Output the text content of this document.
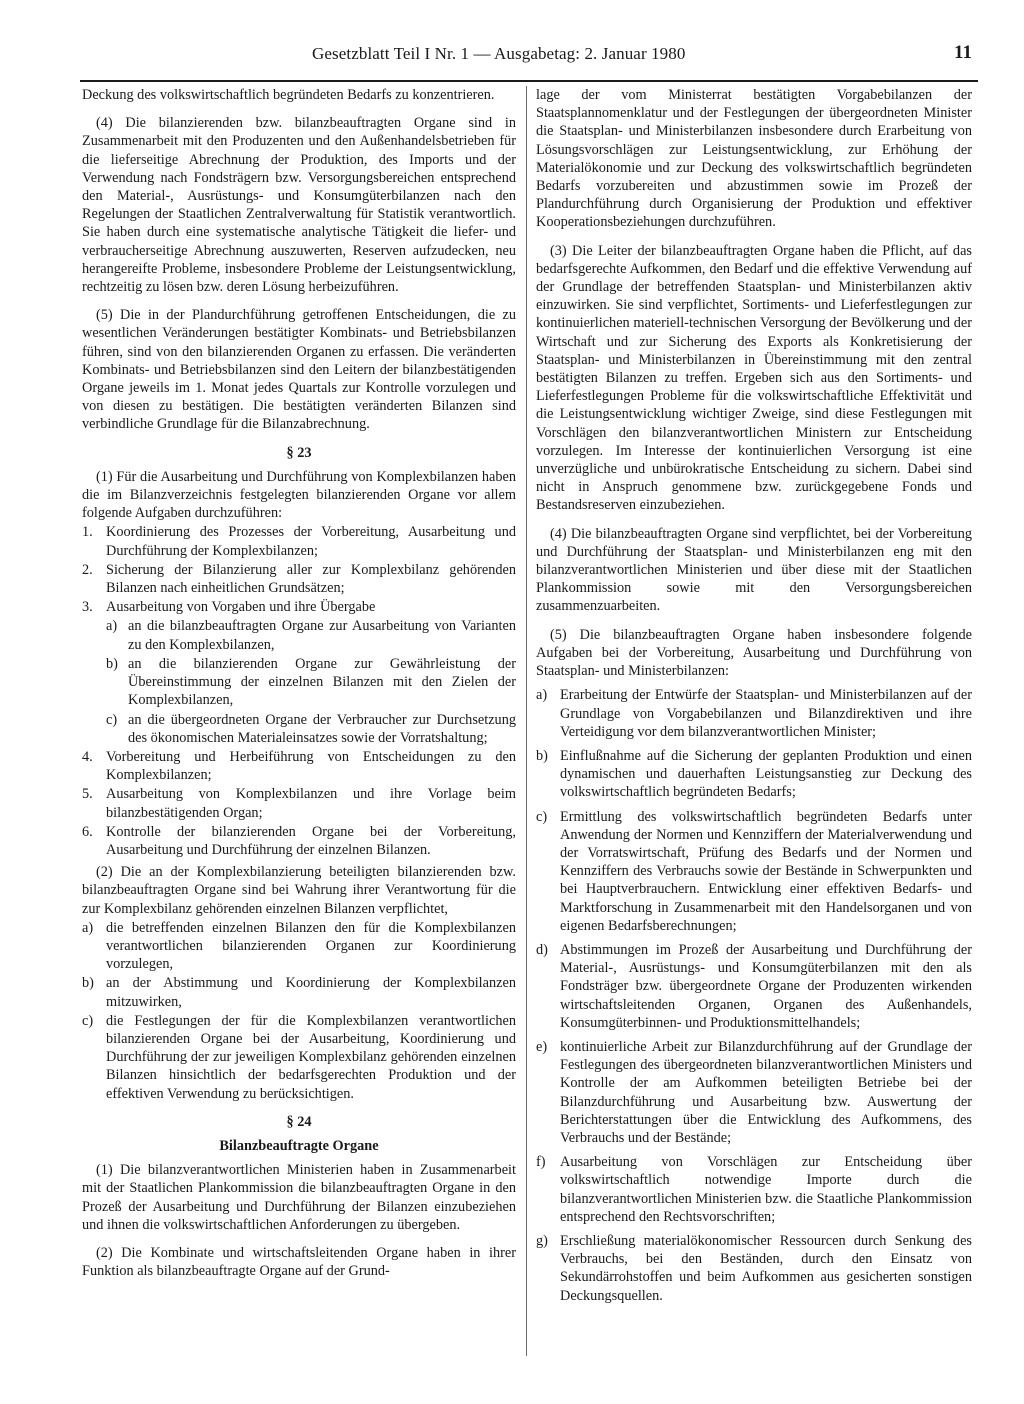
Gesetzblatt Teil I Nr. 1 — Ausgabetag: 2. Januar 1980	11

Deckung des volkswirtschaftlich begründeten Bedarfs zu konzentrieren.

(4) Die bilanzierenden bzw. bilanzbeauftragten Organe sind in Zusammenarbeit mit den Produzenten und den Außenhandelsbetrieben für die lieferseitige Abrechnung der Produktion, des Imports und der Verwendung nach Fondsträgern bzw. Versorgungsbereichen entsprechend den Material-, Ausrüstungs- und Konsumgüterbilanzen nach den Regelungen der Staatlichen Zentralverwaltung für Statistik verantwortlich. Sie haben durch eine systematische analytische Tätigkeit die liefer- und verbraucherseitige Abrechnung auszuwerten, Reserven aufzudecken, neu herangereifte Probleme, insbesondere Probleme der Leistungsentwicklung, rechtzeitig zu lösen bzw. deren Lösung herbeizuführen.

(5) Die in der Plandurchführung getroffenen Entscheidungen, die zu wesentlichen Veränderungen bestätigter Kombinats- und Betriebsbilanzen führen, sind von den bilanzierenden Organen zu erfassen. Die veränderten Kombinats- und Betriebsbilanzen sind den Leitern der bilanzbestätigenden Organe jeweils im 1. Monat jedes Quartals zur Kontrolle vorzulegen und von diesen zu bestätigen. Die bestätigten veränderten Bilanzen sind verbindliche Grundlage für die Bilanzabrechnung.

§ 23

(1) Für die Ausarbeitung und Durchführung von Komplexbilanzen haben die im Bilanzverzeichnis festgelegten bilanzierenden Organe vor allem folgende Aufgaben durchzuführen:

1. Koordinierung des Prozesses der Vorbereitung, Ausarbeitung und Durchführung der Komplexbilanzen;
2. Sicherung der Bilanzierung aller zur Komplexbilanz gehörenden Bilanzen nach einheitlichen Grundsätzen;
3. Ausarbeitung von Vorgaben und ihre Übergabe
a) an die bilanzbeauftragten Organe zur Ausarbeitung von Varianten zu den Komplexbilanzen,
b) an die bilanzierenden Organe zur Gewährleistung der Übereinstimmung der einzelnen Bilanzen mit den Zielen der Komplexbilanzen,
c) an die übergeordneten Organe der Verbraucher zur Durchsetzung des ökonomischen Materialeinsatzes sowie der Vorratshaltung;
4. Vorbereitung und Herbeiführung von Entscheidungen zu den Komplexbilanzen;
5. Ausarbeitung von Komplexbilanzen und ihre Vorlage beim bilanzbestätigenden Organ;
6. Kontrolle der bilanzierenden Organe bei der Vorbereitung, Ausarbeitung und Durchführung der einzelnen Bilanzen.

(2) Die an der Komplexbilanzierung beteiligten bilanzierenden bzw. bilanzbeauftragten Organe sind bei Wahrung ihrer Verantwortung für die zur Komplexbilanz gehörenden einzelnen Bilanzen verpflichtet,

a) die betreffenden einzelnen Bilanzen den für die Komplexbilanzen verantwortlichen bilanzierenden Organen zur Koordinierung vorzulegen,
b) an der Abstimmung und Koordinierung der Komplexbilanzen mitzuwirken,
c) die Festlegungen der für die Komplexbilanzen verantwortlichen bilanzierenden Organe bei der Ausarbeitung, Koordinierung und Durchführung der zur jeweiligen Komplexbilanz gehörenden einzelnen Bilanzen hinsichtlich der bedarfsgerechten Produktion und der effektiven Verwendung zu berücksichtigen.
§ 24
Bilanzbeauftragte Organe

(1) Die bilanzverantwortlichen Ministerien haben in Zusammenarbeit mit der Staatlichen Plankommission die bilanzbeauftragten Organe in den Prozeß der Ausarbeitung und Durchführung der Bilanzen einzubeziehen und ihnen die volkswirtschaftlichen Anforderungen zu übergeben.

(2) Die Kombinate und wirtschaftsleitenden Organe haben in ihrer Funktion als bilanzbeauftragte Organe auf der Grund-

lage der vom Ministerrat bestätigten Vorgabebilanzen der Staatsplannomenklatur und der Festlegungen der übergeordneten Minister die Staatsplan- und Ministerbilanzen insbesondere durch Erarbeitung von Lösungsvorschlägen zur Leistungsentwicklung, zur Erhöhung der Materialökonomie und zur Deckung des volkswirtschaftlich begründeten Bedarfs vorzubereiten und abzustimmen sowie im Prozeß der Plandurchführung durch Organisierung der Produktion und effektiver Kooperationsbeziehungen durchzuführen.

(3) Die Leiter der bilanzbeauftragten Organe haben die Pflicht, auf das bedarfsgerechte Aufkommen, den Bedarf und die effektive Verwendung auf der Grundlage der betreffenden Staatsplan- und Ministerbilanzen aktiv einzuwirken. Sie sind verpflichtet, Sortiments- und Lieferfestlegungen zur kontinuierlichen materiell-technischen Versorgung der Bevölkerung und der Wirtschaft und zur Sicherung des Exports als Konkretisierung der Staatsplan- und Ministerbilanzen in Übereinstimmung mit den zentral bestätigten Bilanzen zu treffen. Ergeben sich aus den Sortiments- und Lieferfestlegungen Probleme für die volkswirtschaftliche Effektivität und die Leistungsentwicklung wichtiger Zweige, sind diese Festlegungen mit Vorschlägen den bilanzverantwortlichen Ministern zur Entscheidung vorzulegen. Im Interesse der kontinuierlichen Versorgung ist eine unverzügliche und unbürokratische Entscheidung zu sichern. Dabei sind nicht in Anspruch genommene bzw. zurückgegebene Fonds und Bestandsreserven einzubeziehen.

(4) Die bilanzbeauftragten Organe sind verpflichtet, bei der Vorbereitung und Durchführung der Staatsplan- und Ministerbilanzen eng mit den bilanzverantwortlichen Ministerien und über diese mit der Staatlichen Plankommission sowie mit den Versorgungsbereichen zusammenzuarbeiten.

(5) Die bilanzbeauftragten Organe haben insbesondere folgende Aufgaben bei der Vorbereitung, Ausarbeitung und Durchführung von Staatsplan- und Ministerbilanzen:

a) Erarbeitung der Entwürfe der Staatsplan- und Ministerbilanzen auf der Grundlage von Vorgabebilanzen und Bilanzdirektiven und ihre Verteidigung vor dem bilanzverantwortlichen Minister;
b) Einflußnahme auf die Sicherung der geplanten Produktion und einen dynamischen und dauerhaften Leistungsanstieg zur Deckung des volkswirtschaftlich begründeten Bedarfs;
c) Ermittlung des volkswirtschaftlich begründeten Bedarfs unter Anwendung der Normen und Kennziffern der Materialverwendung und der Vorratswirtschaft, Prüfung des Bedarfs und der Normen und Kennziffern des Verbrauchs sowie der Bestände in Schwerpunkten und bei Hauptverbrauchern. Entwicklung einer effektiven Bedarfs- und Marktforschung in Zusammenarbeit mit den Handelsorganen und von eigenen Bedarfsberechnungen;
d) Abstimmungen im Prozeß der Ausarbeitung und Durchführung der Material-, Ausrüstungs- und Konsumgüterbilanzen mit den als Fondsträger bzw. übergeordnete Organe der Produzenten wirkenden wirtschaftsleitenden Organen, Organen des Außenhandels, Konsumgüterbinnen- und Produktionsmittelhandels;
e) kontinuierliche Arbeit zur Bilanzdurchführung auf der Grundlage der Festlegungen des übergeordneten bilanzverantwortlichen Ministers und Kontrolle der am Aufkommen beteiligten Betriebe bei der Bilanzdurchführung und Ausarbeitung bzw. Auswertung der Berichterstattungen über die Entwicklung des Aufkommens, des Verbrauchs und der Bestände;
f)	Ausarbeitung von Vorschlägen zur Entscheidung über volkswirtschaftlich notwendige Importe durch die bilanzverantwortlichen Ministerien bzw. die Staatliche Plankommission entsprechend den Rechtsvorschriften;
g) Erschließung materialökonomischer Ressourcen durch Senkung des Verbrauchs, bei den Beständen, durch den Einsatz von Sekundärrohstoffen und beim Aufkommen aus gesicherten sonstigen Deckungsquellen.
